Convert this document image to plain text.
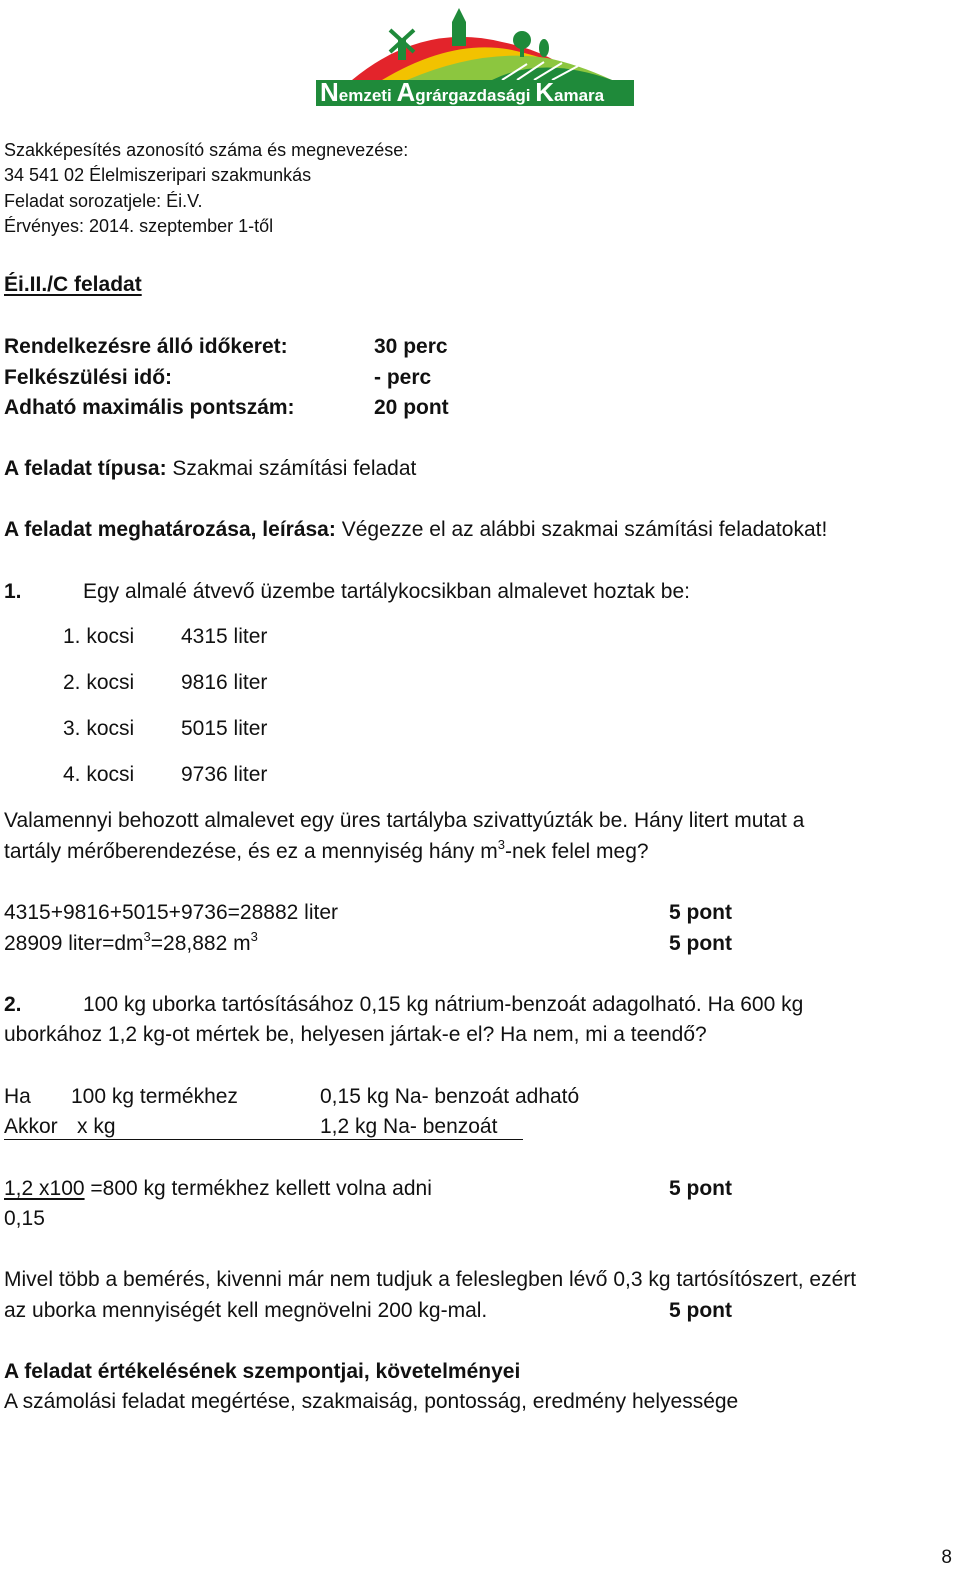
Nemzeti Agrárgazdasági Kamara
Szakképesítés azonosító száma és megnevezése:
34 541 02 Élelmiszeripari szakmunkás
Feladat sorozatjele: Éi.V.
Érvényes: 2014. szeptember 1-től
Éi.II./C feladat
Rendelkezésre álló időkeret:	30 perc
Felkészülési idő:	- perc
Adható maximális pontszám:	20 pont
A feladat típusa: Szakmai számítási feladat
A feladat meghatározása, leírása: Végezze el az alábbi szakmai számítási feladatokat!
1.	Egy almalé átvevő üzembe tartálykocsikban almalevet hoztak be:
1. kocsi 4315 liter
2. kocsi 9816 liter
3. kocsi 5015 liter
4. kocsi 9736 liter
Valamennyi behozott almalevet egy üres tartályba szivattyúzták be. Hány litert mutat a
tartály mérőberendezése, és ez a mennyiség hány $m^3$-nek felel meg?
4315+9816+5015+9736=28882 liter	5 pont
28909 $liter=dm^3=28,882$ $m^3$	5 pont
2.	100 kg uborka tartósításához 0,15 kg nátrium-benzoát adagolható. Ha 600 kg
uborkához 1,2 kg-ot mértek be, helyesen jártak-e el? Ha nem, mi a teendő?
Ha 100 kg termékhez	0,15 kg Na- benzoát adható
Akkor x kg	1,2 kg Na- benzoát
1,2 x100 =800 kg termékhez kellett volna adni	5 pont
0,15
Mivel több a bemérés, kivenni már nem tudjuk a feleslegben lévő 0,3 kg tartósítószert, ezért
az uborka mennyiségét kell megnövelni 200 kg-mal.	5 pont
A feladat értékelésének szempontjai, követelményei
A számolási feladat megértése, szakmaiság, pontosság, eredmény helyessége
8
